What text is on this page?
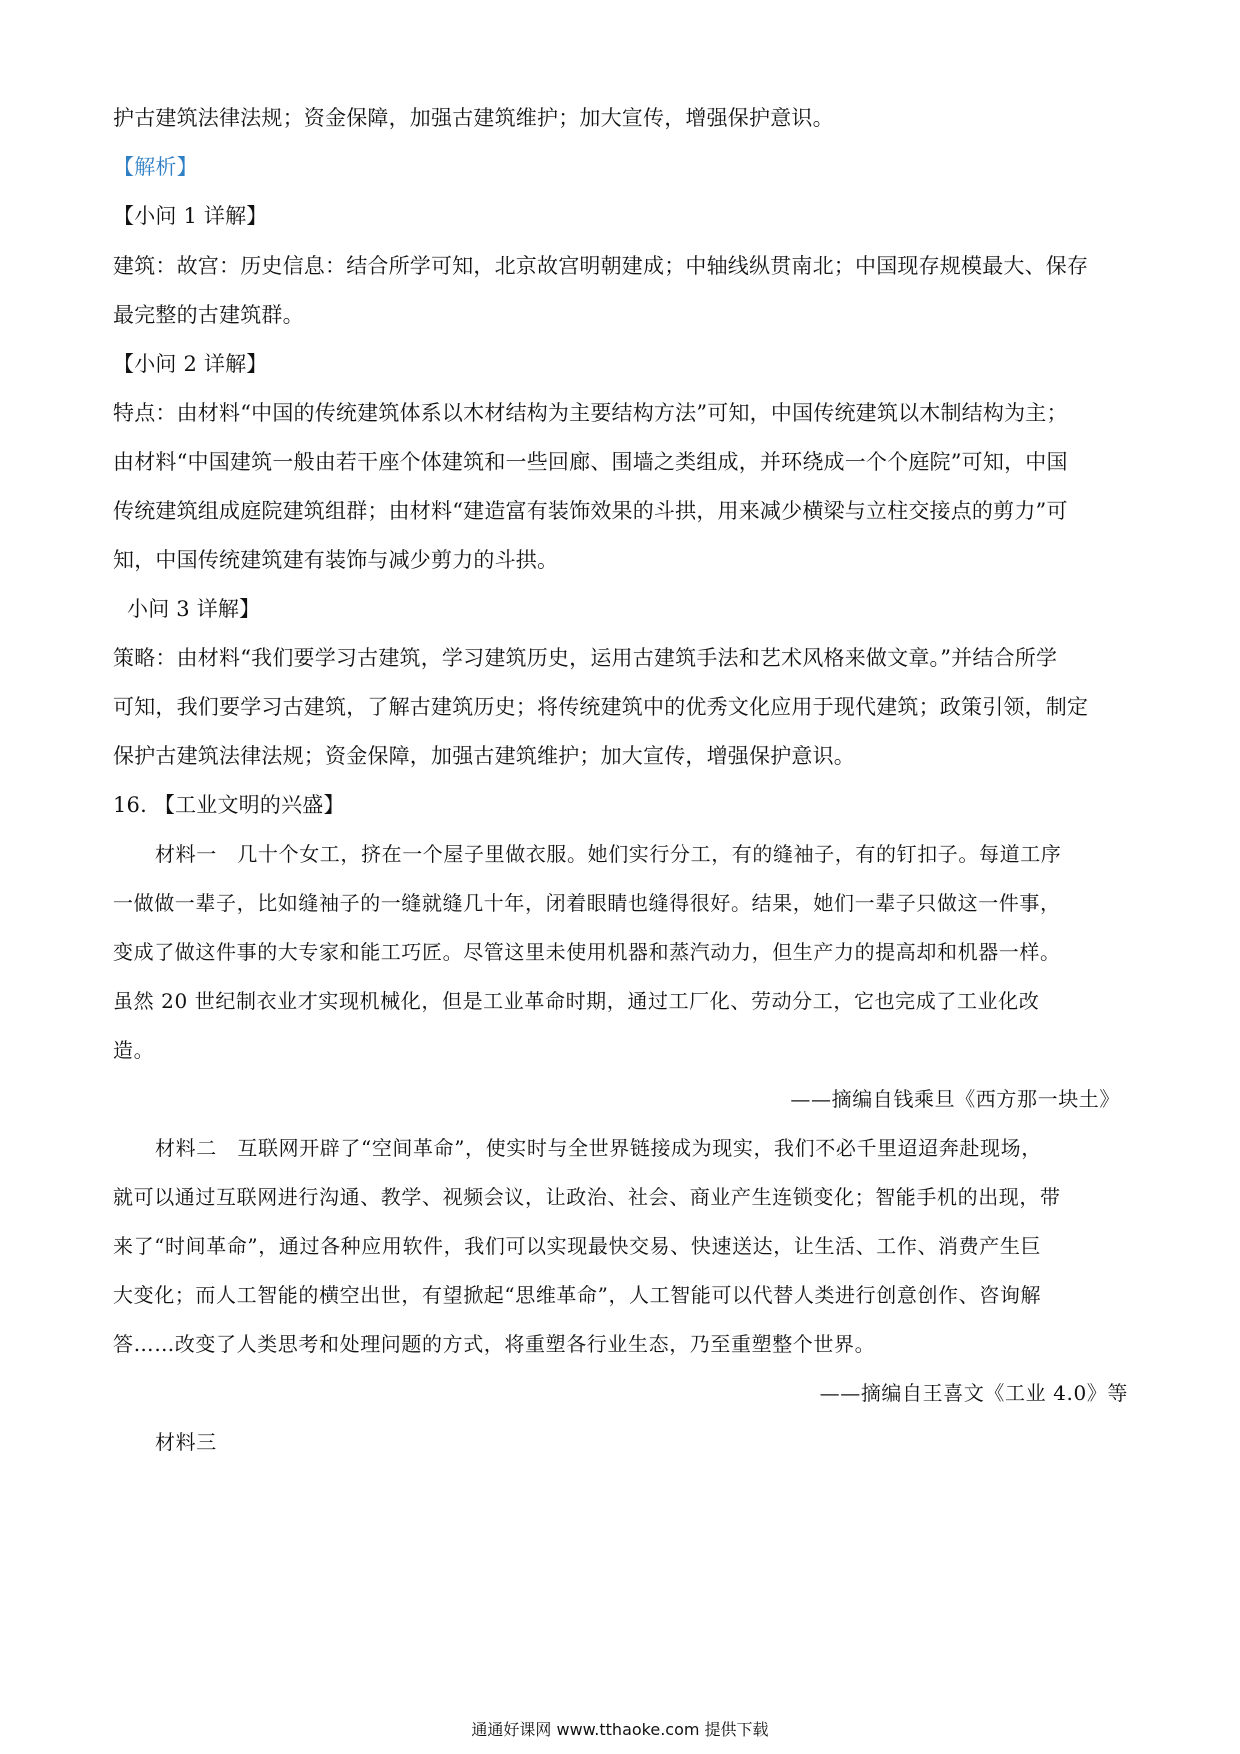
护古建筑法律法规；资金保障，加强古建筑维护；加大宣传，增强保护意识。
【解析】
【小问 1 详解】
建筑：故宫：历史信息：结合所学可知，北京故宫明朝建成；中轴线纵贯南北；中国现存规模最大、保存
最完整的古建筑群。
【小问 2 详解】
特点：由材料“中国的传统建筑体系以木材结构为主要结构方法”可知，中国传统建筑以木制结构为主；
由材料“中国建筑一般由若干座个体建筑和一些回廊、围墙之类组成，并环绕成一个个庭院”可知，中国
传统建筑组成庭院建筑组群；由材料“建造富有装饰效果的斗拱，用来减少横梁与立柱交接点的剪力”可
知，中国传统建筑建有装饰与减少剪力的斗拱。
小问 3 详解】
策略：由材料“我们要学习古建筑，学习建筑历史，运用古建筑手法和艺术风格来做文章。”并结合所学
可知，我们要学习古建筑，了解古建筑历史；将传统建筑中的优秀文化应用于现代建筑；政策引领，制定
保护古建筑法律法规；资金保障，加强古建筑维护；加大宣传，增强保护意识。
16. 【工业文明的兴盛】
材料一　几十个女工，挤在一个屋子里做衣服。她们实行分工，有的缝袖子，有的钉扣子。每道工序
一做做一辈子，比如缝袖子的一缝就缝几十年，闭着眼睛也缝得很好。结果，她们一辈子只做这一件事，
变成了做这件事的大专家和能工巧匠。尽管这里未使用机器和蒸汽动力，但生产力的提高却和机器一样。
虽然 20 世纪制衣业才实现机械化，但是工业革命时期，通过工厂化、劳动分工，它也完成了工业化改
造。
——摘编自钱乘旦《西方那一块土》
材料二　互联网开辟了“空间革命”，使实时与全世界链接成为现实，我们不必千里迢迢奔赴现场，
就可以通过互联网进行沟通、教学、视频会议，让政治、社会、商业产生连锁变化；智能手机的出现，带
来了“时间革命”，通过各种应用软件，我们可以实现最快交易、快速送达，让生活、工作、消费产生巨
大变化；而人工智能的横空出世，有望掀起“思维革命”，人工智能可以代替人类进行创意创作、咨询解
答……改变了人类思考和处理问题的方式，将重塑各行业生态，乃至重塑整个世界。
——摘编自王喜文《工业 4.0》等
材料三
通通好课网 www.tthaoke.com 提供下载
